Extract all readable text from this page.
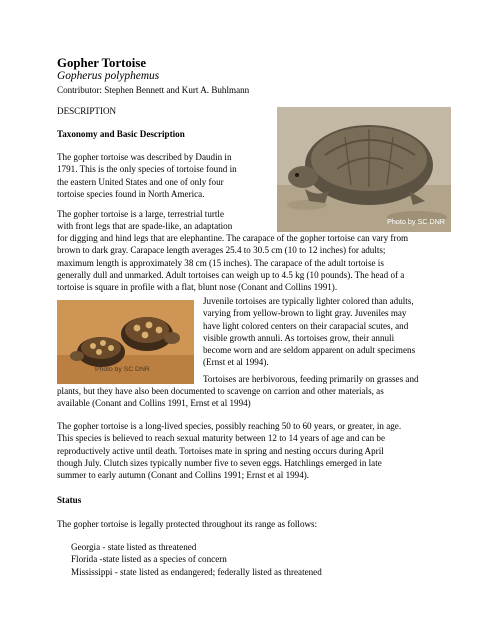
Gopher Tortoise
Gopherus polyphemus
Contributor: Stephen Bennett and Kurt A. Buhlmann
DESCRIPTION
Taxonomy and Basic Description
The gopher tortoise was described by Daudin in
1791. This is the only species of tortoise found in
the eastern United States and one of only four
tortoise species found in North America.
Photo by SC DNR
The gopher tortoise is a large, terrestrial turtle
with front legs that are spade-like, an adaptation
for digging and hind legs that are elephantine. The carapace of the gopher tortoise can vary from
brown to dark gray. Carapace length averages 25.4 to 30.5 cm (10 to 12 inches) for adults;
maximum length is approximately 38 cm (15 inches). The carapace of the adult tortoise is
generally dull and unmarked. Adult tortoises can weigh up to 4.5 kg (10 pounds). The head of a
tortoise is square in profile with a flat, blunt nose (Conant and Collins 1991).
Photo by SC DNR
Juvenile tortoises are typically lighter colored than adults,
varying from yellow-brown to light gray. Juveniles may
have light colored centers on their carapacial scutes, and
visible growth annuli. As tortoises grow, their annuli
become worn and are seldom apparent on adult specimens
(Ernst et al 1994).
Tortoises are herbivorous, feeding primarily on grasses and
plants, but they have also been documented to scavenge on carrion and other materials, as
available (Conant and Collins 1991, Ernst et al 1994)
The gopher tortoise is a long-lived species, possibly reaching 50 to 60 years, or greater, in age.
This species is believed to reach sexual maturity between 12 to 14 years of age and can be
reproductively active until death. Tortoises mate in spring and nesting occurs during April
though July. Clutch sizes typically number five to seven eggs. Hatchlings emerged in late
summer to early autumn (Conant and Collins 1991; Ernst et al 1994).
Status
The gopher tortoise is legally protected throughout its range as follows:
Georgia - state listed as threatened
Florida -state listed as a species of concern
Mississippi - state listed as endangered; federally listed as threatened
